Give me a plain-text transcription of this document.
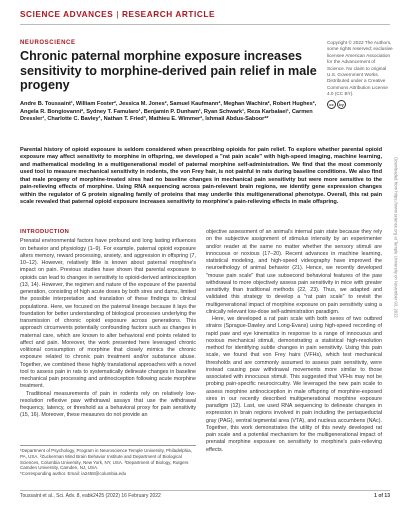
SCIENCE ADVANCES | RESEARCH ARTICLE
NEUROSCIENCE
Chronic paternal morphine exposure increases sensitivity to morphine-derived pain relief in male progeny
Andre B. Toussaint¹, William Foster², Jessica M. Jones², Samuel Kaufmann², Meghan Wachira², Robert Hughes², Angela R. Bongiovanni², Sydney T. Famularo¹, Benjamin P. Dunham¹, Ryan Schwark¹, Reza Karbalaei¹, Carmen Dressler¹, Charlotte C. Bavley¹, Nathan T. Fried³, Mathieu E. Wimmer², Ishmail Abdus-Saboor²*
Copyright © 2022 The Authors, some rights reserved; exclusive licensee American Association for the Advancement of Science. No claim to original U.S. Government Works. Distributed under a Creative Commons Attribution License 4.0 (CC BY).
cc	by
Parental history of opioid exposure is seldom considered when prescribing opioids for pain relief. To explore whether parental opioid exposure may affect sensitivity to morphine in offspring, we developed a "rat pain scale" with high-speed imaging, machine learning, and mathematical modeling in a multigenerational model of paternal morphine self-administration. We find that the most commonly used tool to measure mechanical sensitivity in rodents, the von Frey hair, is not painful in rats during baseline conditions. We also find that male progeny of morphine-treated sires had no baseline changes in mechanical pain sensitivity but were more sensitive to the pain-relieving effects of morphine. Using RNA sequencing across pain-relevant brain regions, we identify gene expression changes within the regulator of G protein signaling family of proteins that may underlie this multigenerational phenotype. Overall, this rat pain scale revealed that paternal opioid exposure increases sensitivity to morphine's pain-relieving effects in male offspring.	Downloaded from https://www.science.org at Temple University on November 03, 2022
INTRODUCTION

Prenatal environmental factors have profound and long lasting influences on behavior and physiology (1–9). For example, paternal opioid exposure alters memory, reward processing, anxiety, and aggression in offspring (7, 10–12). However, relatively little is known about paternal morphine's impact on pain. Previous studies have shown that parental exposure to opioids can lead to changes in sensitivity to opioid-derived antinociception (13, 14). However, the regimen and nature of the exposure of the parental generation, consisting of high acute doses by both sires and dams, limited the possible interpretation and translation of these findings to clinical populations. Here, we focused on the paternal lineage because it lays the foundation for better understanding of biological processes underlying the transmission of chronic opioid exposure across generations. This approach circumvents potentially confounding factors such as changes in maternal care, which are known to alter behavioral end points related to affect and pain. Moreover, the work presented here leveraged chronic volitional consumption of morphine that closely mimics the chronic exposure related to chronic pain treatment and/or substance abuse. Together, we combined these highly translational approaches with a novel tool to assess pain in rats to systematically delineate changes in baseline mechanical pain processing and antinociception following acute morphine treatment.

Traditional measurements of pain in rodents rely on relatively low-resolution reflexive paw withdrawal assays that use the withdrawal frequency, latency, or threshold as a behavioral proxy for pain sensitivity (15, 16). Moreover, these measures do not provide an

objective assessment of an animal's internal pain state because they rely on the subjective assignment of stimulus intensity by an experimenter and/or reader at the same no matter whether the sensory stimuli are innocuous or noxious (17–20). Recent advances in machine learning, statistical modeling, and high-speed videography have improved the neuroethology of animal behavior (21). Hence, we recently developed "mouse pain scale" that use subsecond behavioral features of the paw withdrawal to more objectively assess pain sensitivity in mice with greater sensitivity than traditional methods (22, 23). Thus, we adapted and validated this strategy to develop a "rat pain scale" to revisit the multigenerational impact of morphine exposure on pain sensitivity using a clinically relevant low-dose self-administration paradigm.

Here, we developed a rat pain scale with both sexes of two outbred strains (Sprague-Dawley and Long-Evans) using high-speed recording of rapid paw and eye kinematics in response to a range of innocuous and noxious mechanical stimuli, demonstrating a statistical high-resolution method for identifying subtle changes in pain sensitivity. Using this pain scale, we found that von Frey hairs (VFHs), which test mechanical thresholds and are commonly assumed to assess pain sensitivity, were instead causing paw withdrawal movements more similar to those associated with innocuous stimuli. This suggested that VFHs may not be probing pain-specific neurocircuitry. We leveraged the new pain scale to assess morphine antinociception in male offspring of morphine-exposed sires in our recently described multigenerational morphine exposure paradigm (12). Last, we used RNA sequencing to delineate changes in expression in brain regions involved in pain including the periaqueductal gray (PAG), ventral tegmental area (VTA), and nucleus accumbens (NAc). Together, this work demonstrates the utility of this newly developed rat pain scale and a potential mechanism for the multigenerational impact of prenatal morphine exposure on sensitivity to morphine's pain-relieving effects.

¹Department of Psychology, Program in Neuroscience Temple University, Philadelphia, PA, USA. ²Zuckerman Mind Brain Behavior Institute and Department of Biological Sciences, Columbia University, New York, NY, USA. ³Department of Biology, Rutgers Camden University, Camden, NJ, USA.
*Corresponding author. Email: ia2458@columbia.edu
Toussaint et al., Sci. Adv. 8, eabk2425 (2022) 16 February 2022	1 of 13
